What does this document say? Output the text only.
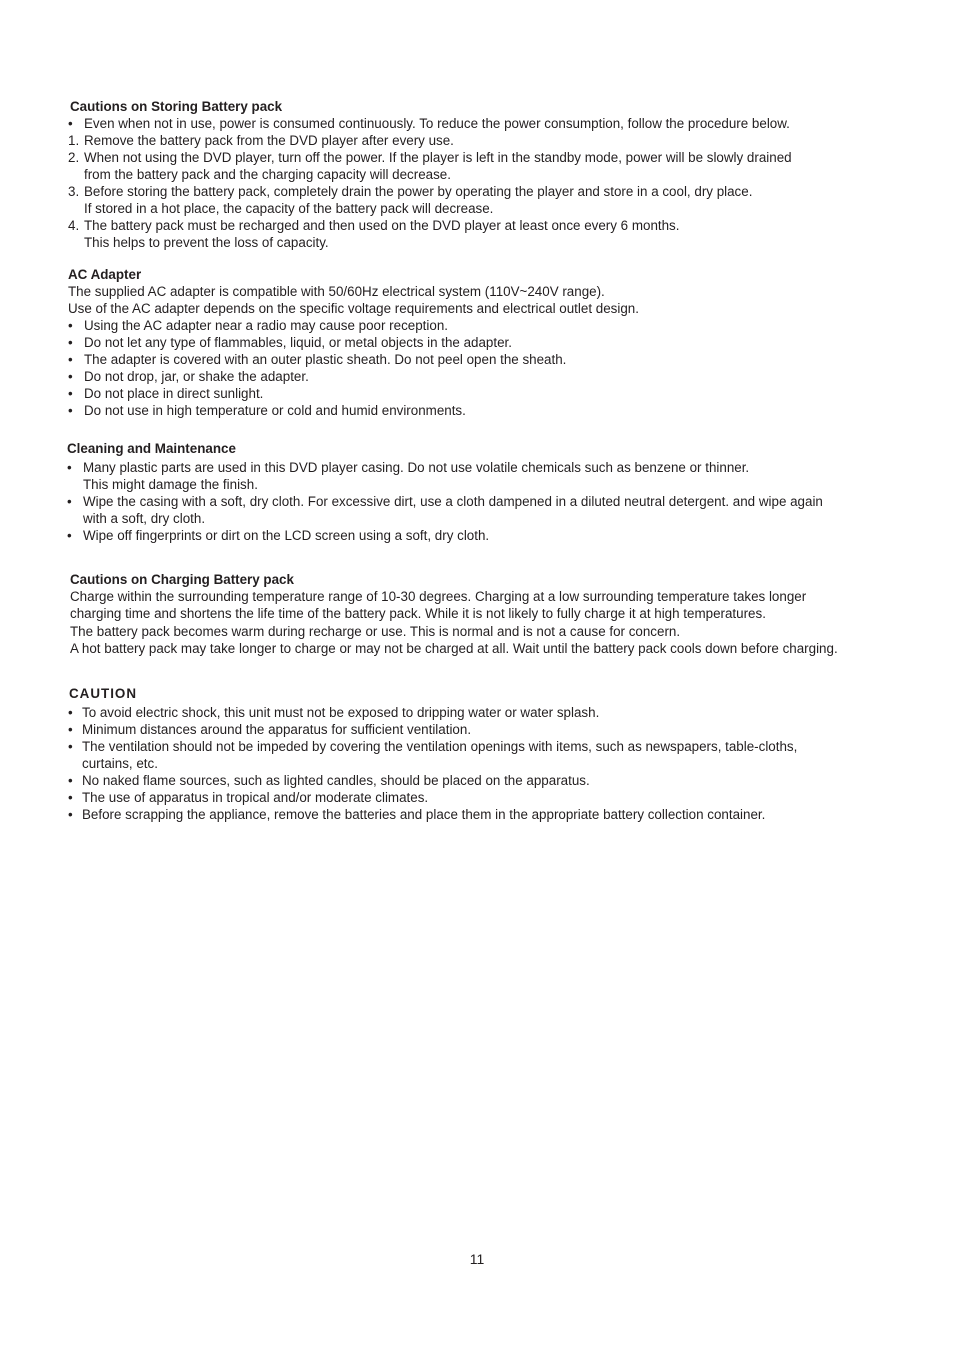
Cautions on Storing Battery pack
• Even when not in use, power is consumed continuously. To reduce the power consumption, follow the procedure below.
1. Remove the battery pack from the DVD player after every use.
2. When not using the DVD player, turn off the power. If the player is left in the standby mode, power will be slowly drained
from the battery pack and the charging capacity will decrease.
3. Before storing the battery pack, completely drain the power by operating the player and store in a cool, dry place.
If stored in a hot place, the capacity of the battery pack will decrease.
4. The battery pack must be recharged and then used on the DVD player at least once every 6 months.
This helps to prevent the loss of capacity.
AC Adapter
The supplied AC adapter is compatible with 50/60Hz electrical system (110V~240V range).
Use of the AC adapter depends on the specific voltage requirements and electrical outlet design.
• Using the AC adapter near a radio may cause poor reception.
• Do not let any type of flammables, liquid, or metal objects in the adapter.
• The adapter is covered with an outer plastic sheath. Do not peel open the sheath.
• Do not drop, jar, or shake the adapter.
• Do not place in direct sunlight.
• Do not use in high temperature or cold and humid environments.
Cleaning and Maintenance
• Many plastic parts are used in this DVD player casing. Do not use volatile chemicals such as benzene or thinner.
This might damage the finish.
• Wipe the casing with a soft, dry cloth. For excessive dirt, use a cloth dampened in a diluted neutral detergent. and wipe again
with a soft, dry cloth.
• Wipe off fingerprints or dirt on the LCD screen using a soft, dry cloth.
Cautions on Charging Battery pack
Charge within the surrounding temperature range of 10-30 degrees. Charging at a low surrounding temperature takes longer
charging time and shortens the life time of the battery pack. While it is not likely to fully charge it at high temperatures.
The battery pack becomes warm during recharge or use. This is normal and is not a cause for concern.
A hot battery pack may take longer to charge or may not be charged at all. Wait until the battery pack cools down before charging.
CAUTION
• To avoid electric shock, this unit must not be exposed to dripping water or water splash.
• Minimum distances around the apparatus for sufficient ventilation.
• The ventilation should not be impeded by covering the ventilation openings with items, such as newspapers, table-cloths,
curtains, etc.
• No naked flame sources, such as lighted candles, should be placed on the apparatus.
• The use of apparatus in tropical and/or moderate climates.
• Before scrapping the appliance, remove the batteries and place them in the appropriate battery collection container.
11
